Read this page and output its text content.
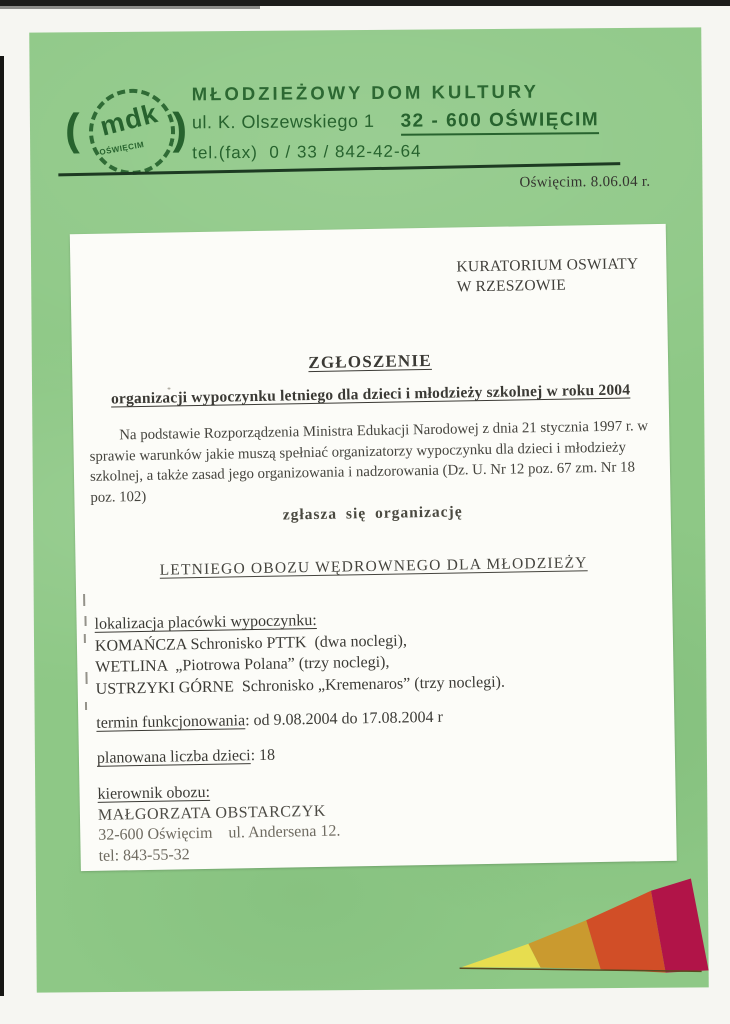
( mdk
OŚWIĘCIM )
MŁODZIEŻOWY DOM KULTURY
ul. K. Olszewskiego 1 32 - 600 OŚWIĘCIM
tel.(fax)  0 / 33 / 842-42-64
Oświęcim. 8.06.04 r.
KURATORIUM OSWIATY
W RZESZOWIE
ZGŁOSZENIE
organizacji wypoczynku letniego dla dzieci i młodzieży szkolnej w roku 2004
Na podstawie Rozporządzenia Ministra Edukacji Narodowej z dnia 21 stycznia 1997 r. w sprawie warunków jakie muszą spełniać organizatorzy wypoczynku dla dzieci i młodzieży szkolnej, a także zasad jego organizowania i nadzorowania (Dz. U. Nr 12 poz. 67 zm. Nr 18 poz. 102)
zgłasza się organizację
LETNIEGO OBOZU WĘDROWNEGO DLA MŁODZIEŻY
lokalizacja placówki wypoczynku:
KOMAŃCZA Schronisko PTTK  (dwa noclegi),
WETLINA  „Piotrowa Polana” (trzy noclegi),
USTRZYKI GÓRNE  Schronisko „Kremenaros” (trzy noclegi).
termin funkcjonowania: od 9.08.2004 do 17.08.2004 r
planowana liczba dzieci: 18
kierownik obozu:
MAŁGORZATA OBSTARCZYK
32-600 Oświęcim    ul. Andersena 12.
tel: 843-55-32
